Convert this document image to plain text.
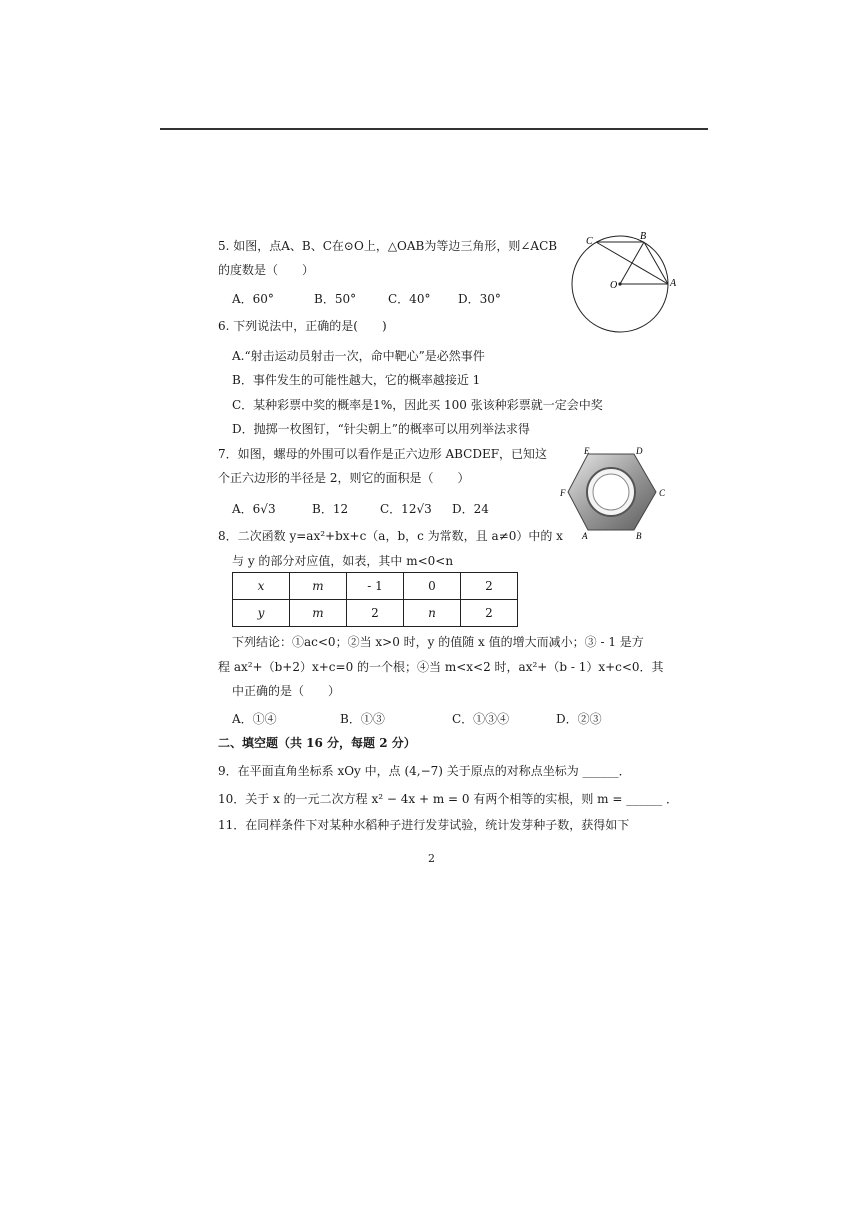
5. 如图，点A、B、C在⊙O上，△OAB为等边三角形，则∠ACB
的度数是（　　）
A．60°	B．50°	C．40° D．30°
C	B
A
O
6. 下列说法中，正确的是(　　)
A.“射击运动员射击一次，命中靶心”是必然事件
B．事件发生的可能性越大，它的概率越接近 1
C．某种彩票中奖的概率是1%，因此买 100 张该种彩票就一定会中奖
D．抛掷一枚图钉，“针尖朝上”的概率可以用列举法求得
7．如图，螺母的外围可以看作是正六边形 ABCDEF，已知这
个正六边形的半径是 2，则它的面积是（　　）
A．6√3	B．12	C．12√3 D．24
A	B
C
D
E
F
8．二次函数 y=ax²+bx+c（a，b，c 为常数，且 a≠0）中的 x
与 y 的部分对应值，如表，其中 m<0<n
x	m	- 1	0	2
y	m	2	n	2
下列结论：①ac<0；②当 x>0 时，y 的值随 x 值的增大而减小；③ - 1 是方
程 ax²+（b+2）x+c=0 的一个根；④当 m<x<2 时，ax²+（b - 1）x+c<0．其
中正确的是（　　）
A．①④	B．①③	C．①③④	D．②③
二、填空题（共 16 分，每题 2 分）
9．在平面直角坐标系 xOy 中，点 (4,−7) 关于原点的对称点坐标为 ______．
10．关于 x 的一元二次方程 x² − 4x + m = 0 有两个相等的实根，则 m = ______ ．
11．在同样条件下对某种水稻种子进行发芽试验，统计发芽种子数，获得如下
2
